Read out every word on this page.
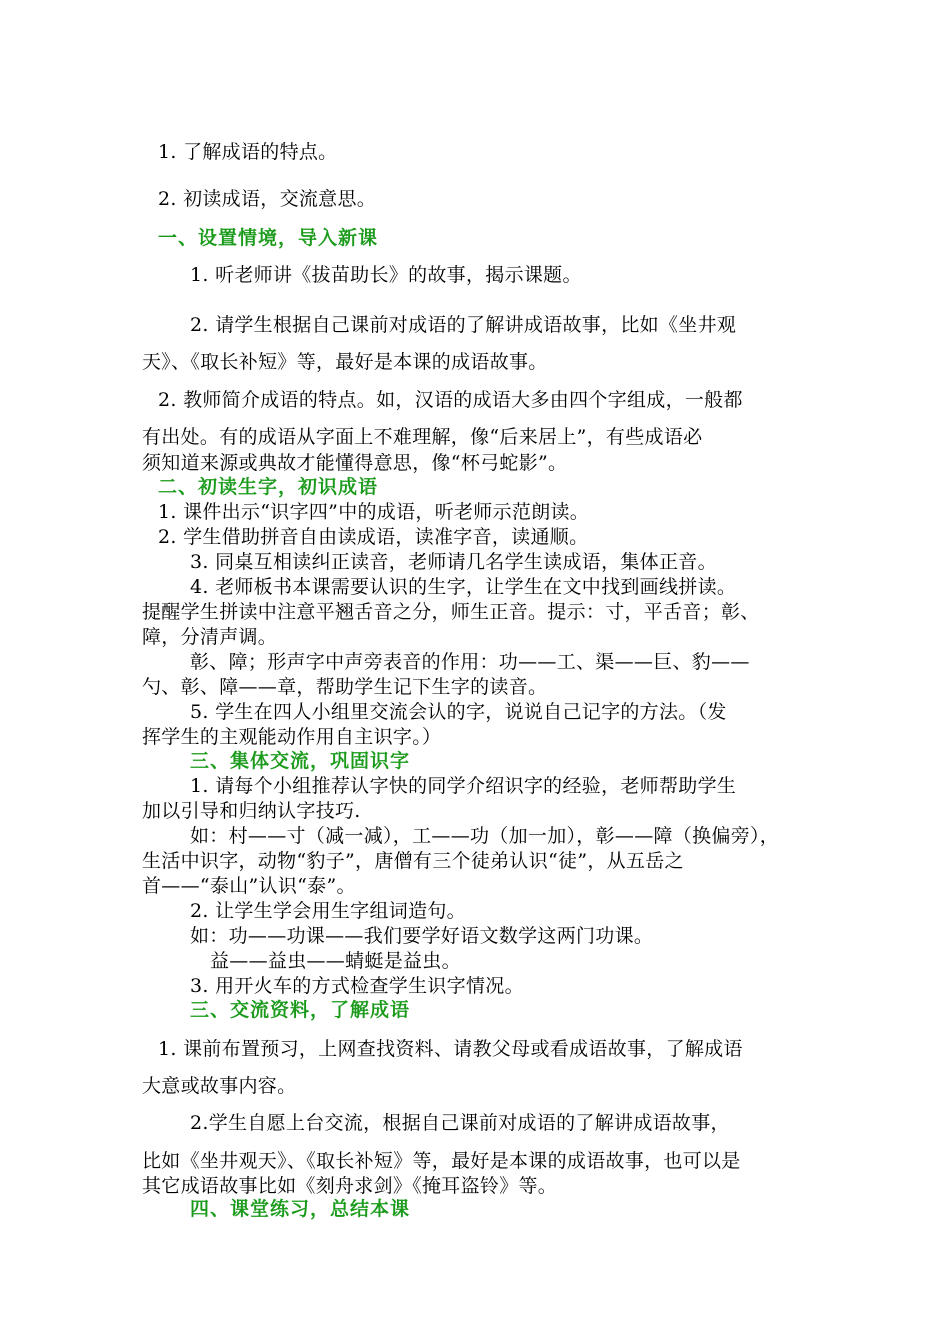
1. 了解成语的特点。
2. 初读成语，交流意思。
一、设置情境，导入新课
1. 听老师讲《拔苗助长》的故事，揭示课题。
2. 请学生根据自己课前对成语的了解讲成语故事，比如《坐井观
天》、《取长补短》等，最好是本课的成语故事。
2. 教师简介成语的特点。如，汉语的成语大多由四个字组成，一般都
有出处。有的成语从字面上不难理解，像“后来居上”，有些成语必
须知道来源或典故才能懂得意思，像“杯弓蛇影”。
二、初读生字，初识成语
1. 课件出示“识字四”中的成语，听老师示范朗读。
2. 学生借助拼音自由读成语，读准字音，读通顺。
3. 同桌互相读纠正读音，老师请几名学生读成语，集体正音。
4. 老师板书本课需要认识的生字，让学生在文中找到画线拼读。
提醒学生拼读中注意平翘舌音之分，师生正音。提示：寸，平舌音；彰、
障，分清声调。
彰、障；形声字中声旁表音的作用：功——工、渠——巨、豹——
勺、彰、障——章，帮助学生记下生字的读音。
5. 学生在四人小组里交流会认的字，说说自己记字的方法。（发
挥学生的主观能动作用自主识字。）
三、集体交流，巩固识字
1. 请每个小组推荐认字快的同学介绍识字的经验，老师帮助学生
加以引导和归纳认字技巧.
如：村——寸（减一减），工——功（加一加），彰——障（换偏旁），
生活中识字，动物“豹子”，唐僧有三个徒弟认识“徒”，从五岳之
首——“泰山”认识“泰”。
2. 让学生学会用生字组词造句。
如：功——功课——我们要学好语文数学这两门功课。
益——益虫——蜻蜓是益虫。
3. 用开火车的方式检查学生识字情况。
三、交流资料，了解成语
1. 课前布置预习，上网查找资料、请教父母或看成语故事，了解成语
大意或故事内容。
2.学生自愿上台交流，根据自己课前对成语的了解讲成语故事，
比如《坐井观天》、《取长补短》等，最好是本课的成语故事，也可以是
其它成语故事比如《刻舟求剑》《掩耳盗铃》等。
四、课堂练习，总结本课
